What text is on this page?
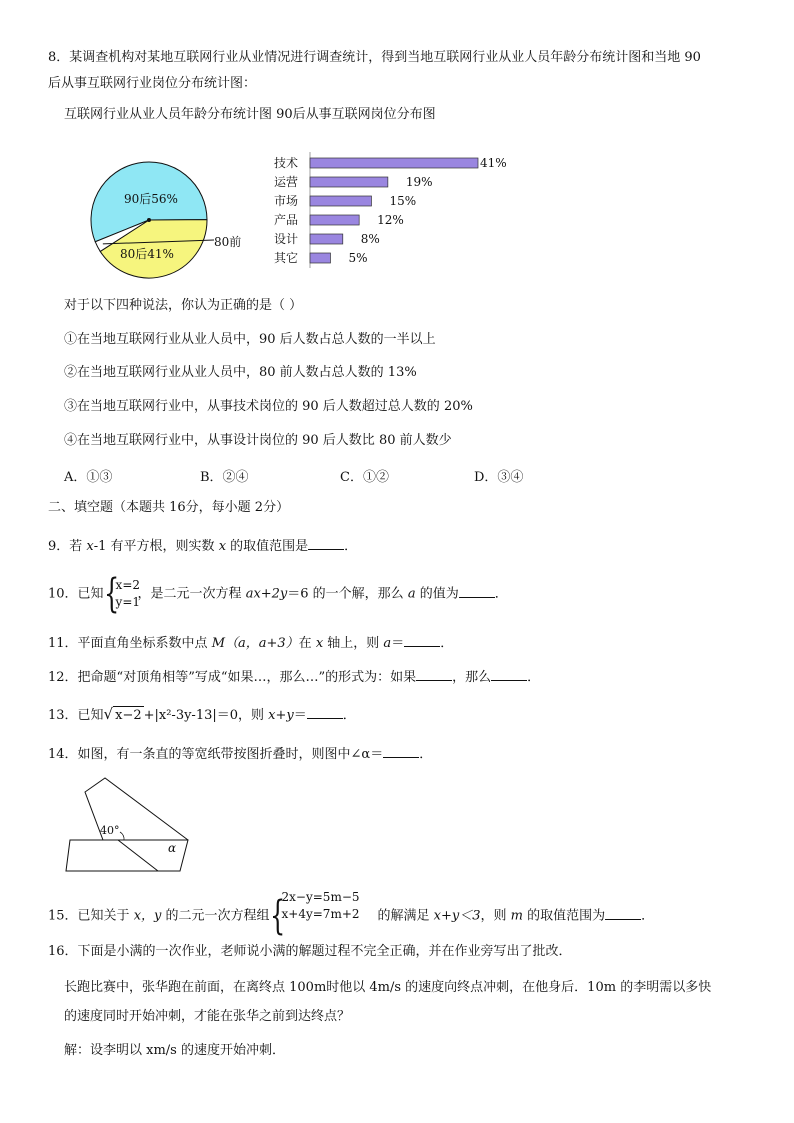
8．某调查机构对某地互联网行业从业情况进行调查统计，得到当地互联网行业从业人员年龄分布统计图和当地 90
后从事互联网行业岗位分布统计图：
互联网行业从业人员年龄分布统计图 90后从事互联网岗位分布图
90后56%
80后41%
80前
技术	41%
运营	19%
市场	15%
产品	12%
设计	8%
其它	5%
对于以下四种说法，你认为正确的是（ ）
①在当地互联网行业从业人员中，90 后人数占总人数的一半以上
②在当地互联网行业从业人员中，80 前人数占总人数的 13%
③在当地互联网行业中，从事技术岗位的 90 后人数超过总人数的 20%
④在当地互联网行业中，从事设计岗位的 90 后人数比 80 前人数少
A．①③	B．②④	C．①②	D．③④
二、填空题（本题共 16分，每小题 2分）
9．若 x-1 有平方根，则实数 x 的取值范围是	．
10．已知 {
x=2
y=1
，是二元一次方程 ax+2y＝6 的一个解，那么 a 的值为	．
11．平面直角坐标系数中点 M（a，a+3）在 x 轴上，则 a＝	．
12．把命题“对顶角相等”写成“如果…，那么…”的形式为：如果	，那么	．
13．已知√ x−2 +|x²-3y-13|＝0，则 x+y＝	．
14．如图，有一条直的等宽纸带按图折叠时，则图中∠α＝	．
40°
α
15．已知关于 x，y 的二元一次方程组 {
2x−y=5m−5
x+4y=7m+2 的解满足 x+y＜3，则 m 的取值范围为	．
16．下面是小满的一次作业，老师说小满的解题过程不完全正确，并在作业旁写出了批改．
长跑比赛中，张华跑在前面，在离终点 100m时他以 4m/s 的速度向终点冲刺，在他身后．10m 的李明需以多快
的速度同时开始冲刺，才能在张华之前到达终点？
解：设李明以 xm/s 的速度开始冲刺．
